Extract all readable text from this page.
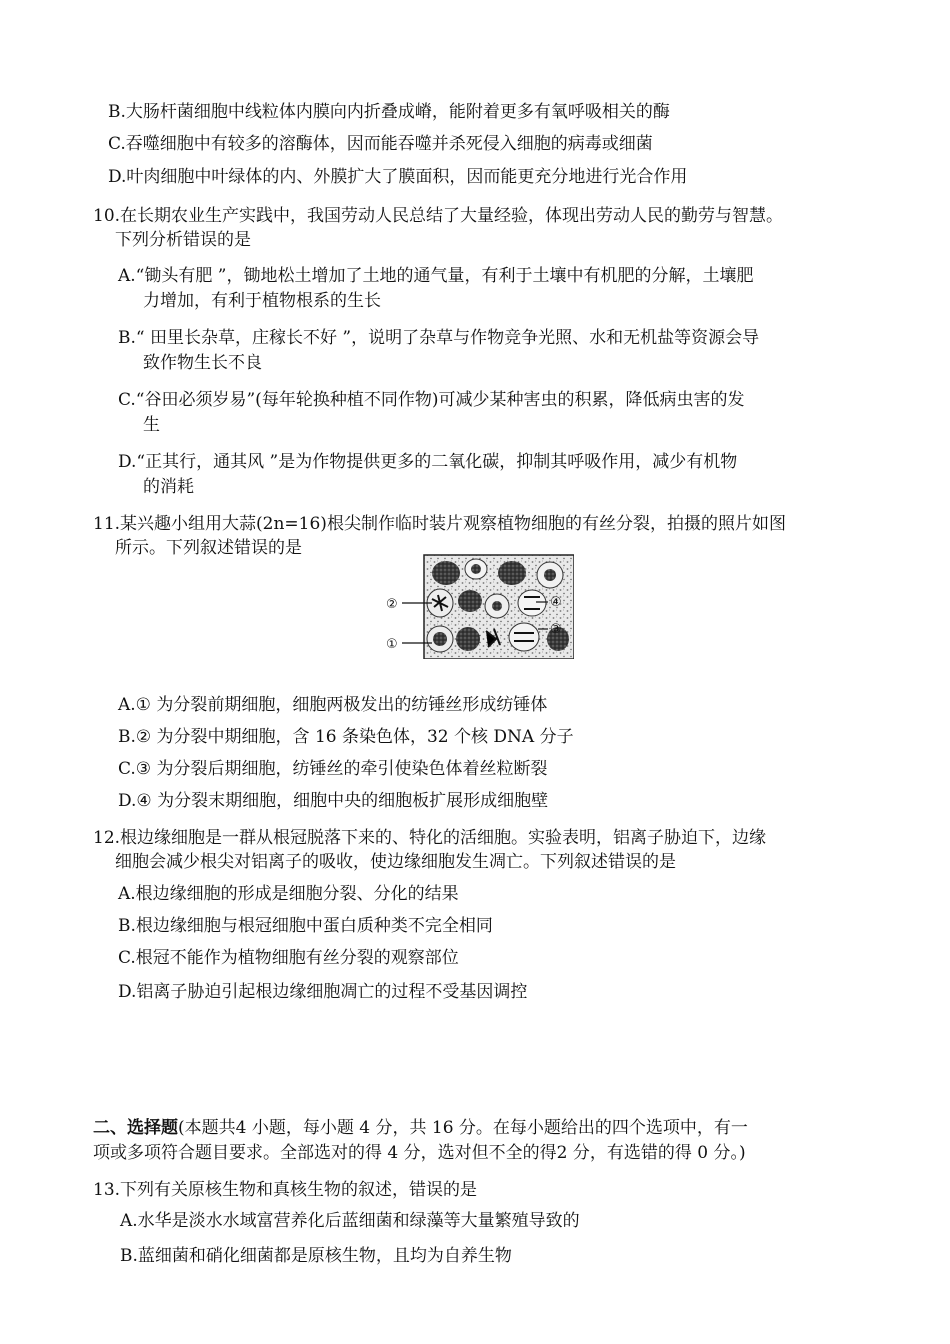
B.大肠杆菌细胞中线粒体内膜向内折叠成嵴，能附着更多有氧呼吸相关的酶
C.吞噬细胞中有较多的溶酶体，因而能吞噬并杀死侵入细胞的病毒或细菌
D.叶肉细胞中叶绿体的内、外膜扩大了膜面积，因而能更充分地进行光合作用
10.在长期农业生产实践中，我国劳动人民总结了大量经验，体现出劳动人民的勤劳与智慧。
下列分析错误的是
A.“锄头有肥 ”，锄地松土增加了土地的通气量，有利于土壤中有机肥的分解，土壤肥
力增加，有利于植物根系的生长
B.“ 田里长杂草，庄稼长不好 ”，说明了杂草与作物竞争光照、水和无机盐等资源会导
致作物生长不良
C.“谷田必须岁易”(每年轮换种植不同作物)可减少某种害虫的积累，降低病虫害的发
生
D.“正其行，通其风 ”是为作物提供更多的二氧化碳，抑制其呼吸作用，减少有机物
的消耗
11.某兴趣小组用大蒜(2n=16)根尖制作临时装片观察植物细胞的有丝分裂，拍摄的照片如图
所示。下列叙述错误的是
②
①
③
④
A.① 为分裂前期细胞，细胞两极发出的纺锤丝形成纺锤体
B.② 为分裂中期细胞，含 16 条染色体，32 个核 DNA 分子
C.③ 为分裂后期细胞，纺锤丝的牵引使染色体着丝粒断裂
D.④ 为分裂末期细胞，细胞中央的细胞板扩展形成细胞壁
12.根边缘细胞是一群从根冠脱落下来的、特化的活细胞。实验表明，铝离子胁迫下，边缘
细胞会减少根尖对铝离子的吸收，使边缘细胞发生凋亡。下列叙述错误的是
A.根边缘细胞的形成是细胞分裂、分化的结果
B.根边缘细胞与根冠细胞中蛋白质种类不完全相同
C.根冠不能作为植物细胞有丝分裂的观察部位
D.铝离子胁迫引起根边缘细胞凋亡的过程不受基因调控
二、选择题(本题共4 小题，每小题 4 分，共 16 分。在每小题给出的四个选项中，有一
项或多项符合题目要求。全部选对的得 4 分，选对但不全的得2 分，有选错的得 0 分。)
13.下列有关原核生物和真核生物的叙述，错误的是
A.水华是淡水水域富营养化后蓝细菌和绿藻等大量繁殖导致的
B.蓝细菌和硝化细菌都是原核生物，且均为自养生物
